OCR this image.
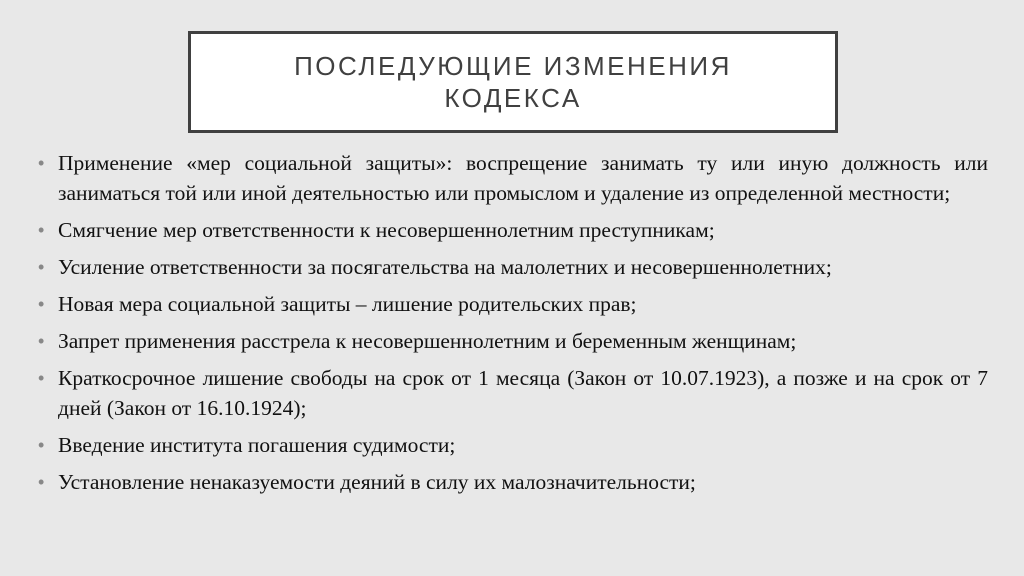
ПОСЛЕДУЮЩИЕ ИЗМЕНЕНИЯ
КОДЕКСА
• Применение «мер социальной защиты»: воспрещение занимать ту или иную должность или заниматься той или иной деятельностью или промыслом и удаление из определенной местности;
• Смягчение мер ответственности к несовершеннолетним преступникам;
• Усиление ответственности за посягательства на малолетних и несовершеннолетних;
• Новая мера социальной защиты – лишение родительских прав;
• Запрет применения расстрела к несовершеннолетним и беременным женщинам;
• Краткосрочное лишение свободы на срок от 1 месяца (Закон от 10.07.1923), а позже и на срок от 7 дней (Закон от 16.10.1924);
• Введение института погашения судимости;
• Установление ненаказуемости деяний в силу их малозначительности;
